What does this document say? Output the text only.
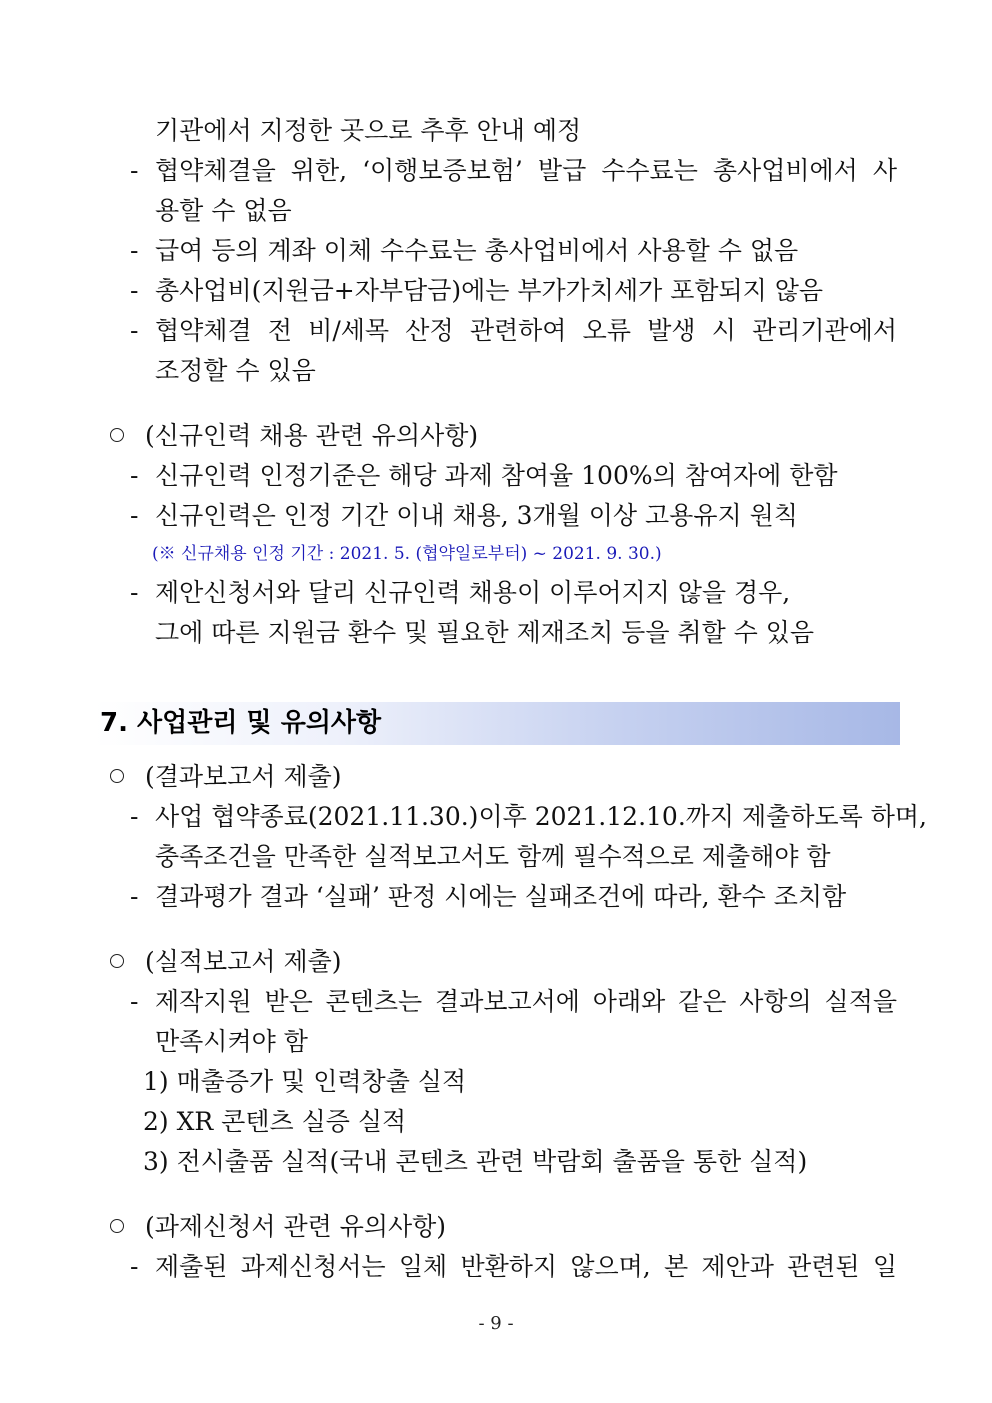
기관에서 지정한 곳으로 추후 안내 예정
- 협약체결을 위한, ‘이행보증보험’ 발급 수수료는 총사업비에서 사
용할 수 없음
- 급여 등의 계좌 이체 수수료는 총사업비에서 사용할 수 없음
- 총사업비(지원금+자부담금)에는 부가가치세가 포함되지 않음
- 협약체결 전 비/세목 산정 관련하여 오류 발생 시 관리기관에서
조정할 수 있음
(신규인력 채용 관련 유의사항)
- 신규인력 인정기준은 해당 과제 참여율 100%의 참여자에 한함
- 신규인력은 인정 기간 이내 채용, 3개월 이상 고용유지 원칙
(※ 신규채용 인정 기간 : 2021. 5. (협약일로부터) ~ 2021. 9. 30.)
- 제안신청서와 달리 신규인력 채용이 이루어지지 않을 경우,
그에 따른 지원금 환수 및 필요한 제재조치 등을 취할 수 있음
7. 사업관리 및 유의사항
(결과보고서 제출)
- 사업 협약종료(2021.11.30.)이후 2021.12.10.까지 제출하도록 하며,
충족조건을 만족한 실적보고서도 함께 필수적으로 제출해야 함
- 결과평가 결과 ‘실패’ 판정 시에는 실패조건에 따라, 환수 조치함
(실적보고서 제출)
- 제작지원 받은 콘텐츠는 결과보고서에 아래와 같은 사항의 실적을
만족시켜야 함
1) 매출증가 및 인력창출 실적
2) XR 콘텐츠 실증 실적
3) 전시출품 실적(국내 콘텐츠 관련 박람회 출품을 통한 실적)
(과제신청서 관련 유의사항)
- 제출된 과제신청서는 일체 반환하지 않으며, 본 제안과 관련된 일
- 9 -
